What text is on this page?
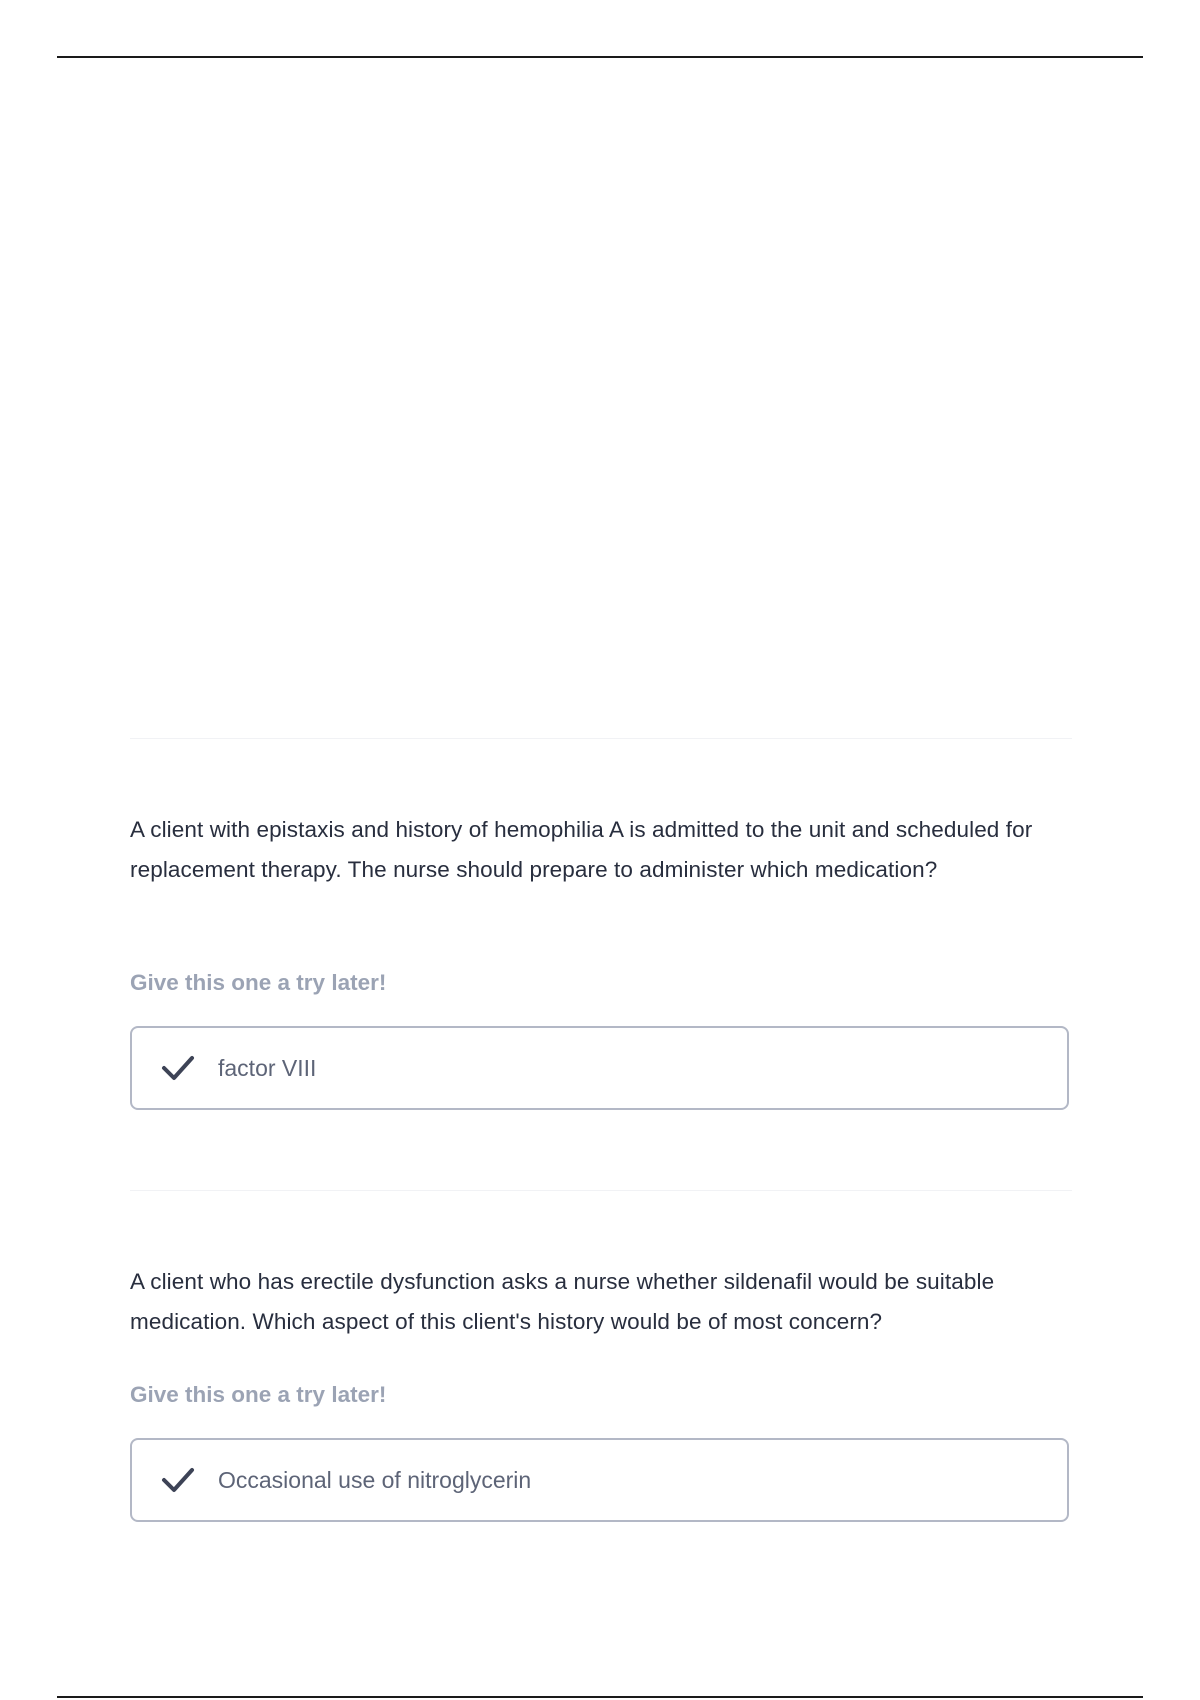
A client with epistaxis and history of hemophilia A is admitted to the unit and scheduled for replacement therapy. The nurse should prepare to administer which medication?

Give this one a try later!
factor VIII

A client who has erectile dysfunction asks a nurse whether sildenafil would be suitable medication. Which aspect of this client's history would be of most concern?

Give this one a try later!
Occasional use of nitroglycerin
